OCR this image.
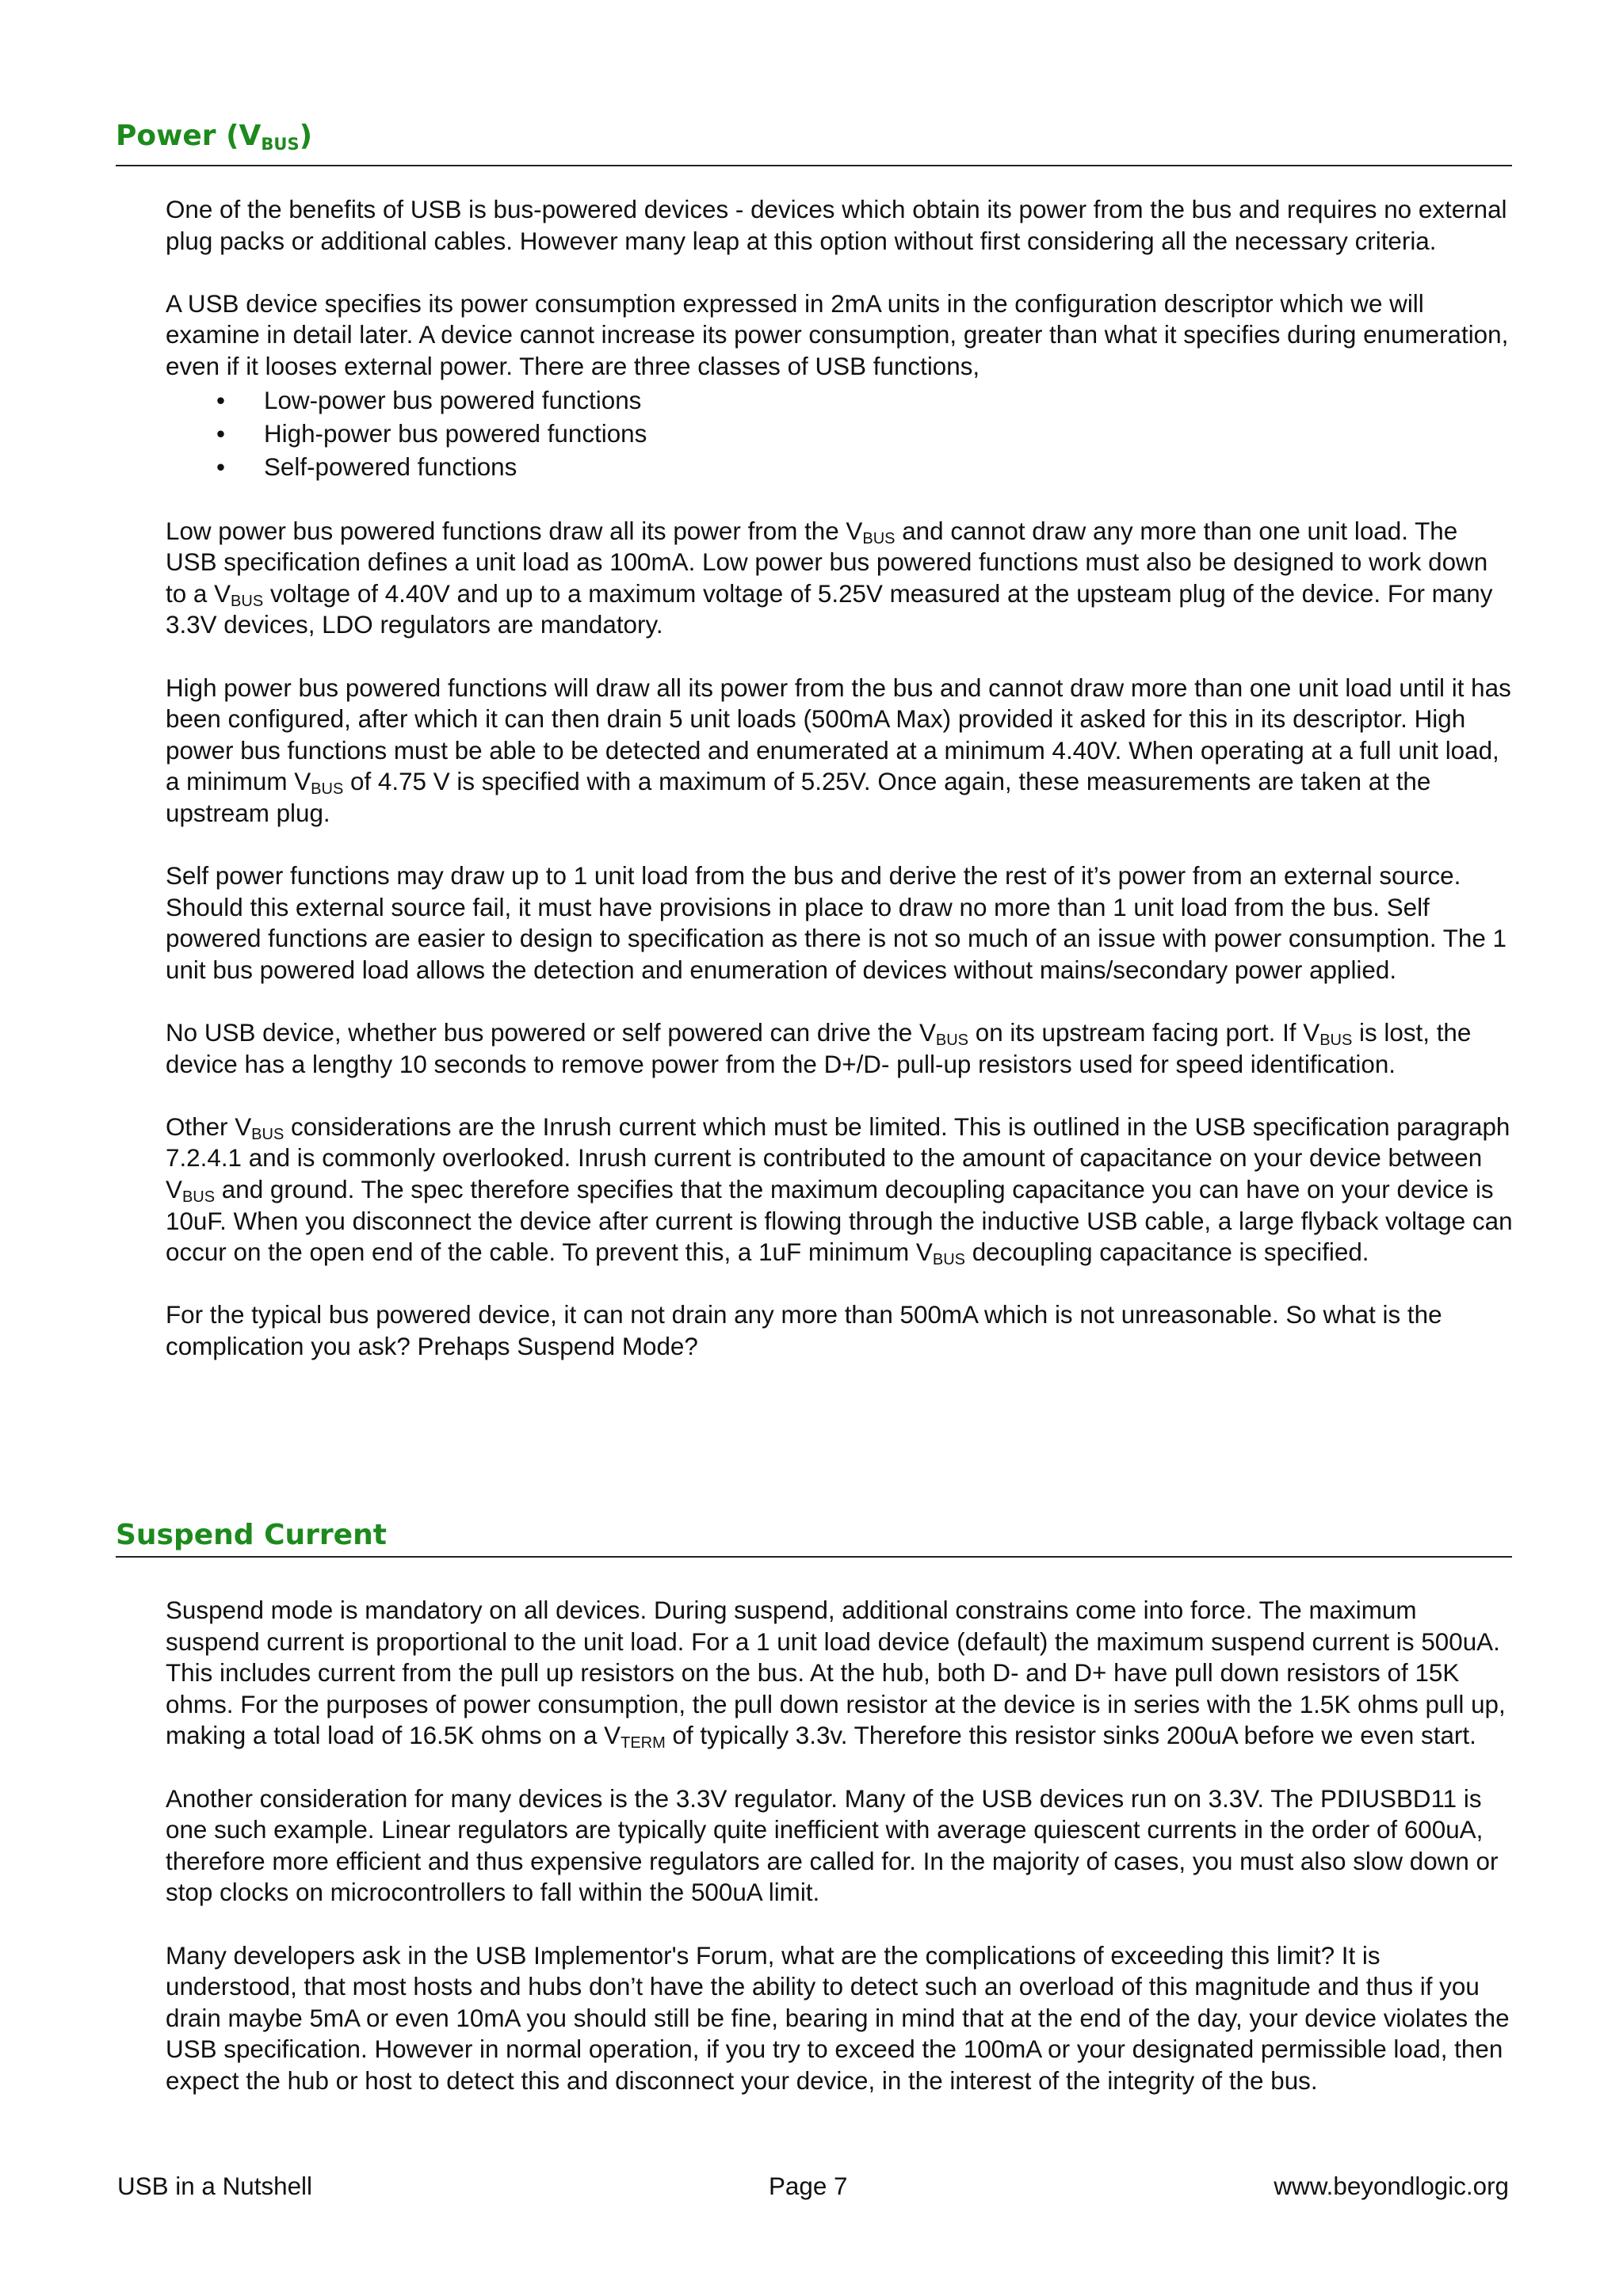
Power $(V_{BUS})$

One of the benefits of USB is bus-powered devices - devices which obtain its power from the bus and requires no external plug packs or additional cables. However many leap at this option without first considering all the necessary criteria.

A USB device specifies its power consumption expressed in 2mA units in the configuration descriptor which we will examine in detail later. A device cannot increase its power consumption, greater than what it specifies during enumeration, even if it looses external power. There are three classes of USB functions,

• Low-power bus powered functions
• High-power bus powered functions
• Self-powered functions

Low power bus powered functions draw all its power from the $V_{BUS}$ and cannot draw any more than one unit load. The USB specification defines a unit load as 100mA. Low power bus powered functions must also be designed to work down to a $V_{BUS}$ voltage of 4.40V and up to a maximum voltage of 5.25V measured at the upsteam plug of the device. For many 3.3V devices, LDO regulators are mandatory.

High power bus powered functions will draw all its power from the bus and cannot draw more than one unit load until it has been configured, after which it can then drain 5 unit loads (500mA Max) provided it asked for this in its descriptor. High power bus functions must be able to be detected and enumerated at a minimum 4.40V. When operating at a full unit load, a minimum $V_{BUS}$ of 4.75 V is specified with a maximum of 5.25V. Once again, these measurements are taken at the upstream plug.

Self power functions may draw up to 1 unit load from the bus and derive the rest of it’s power from an external source. Should this external source fail, it must have provisions in place to draw no more than 1 unit load from the bus. Self powered functions are easier to design to specification as there is not so much of an issue with power consumption. The 1 unit bus powered load allows the detection and enumeration of devices without mains/secondary power applied.

No USB device, whether bus powered or self powered can drive the $V_{BUS}$ on its upstream facing port. If $V_{BUS}$ is lost, the device has a lengthy 10 seconds to remove power from the D+/D- pull-up resistors used for speed identification.

Other $V_{BUS}$ considerations are the Inrush current which must be limited. This is outlined in the USB specification paragraph 7.2.4.1 and is commonly overlooked. Inrush current is contributed to the amount of capacitance on your device between $V_{BUS}$ and ground. The spec therefore specifies that the maximum decoupling capacitance you can have on your device is 10uF. When you disconnect the device after current is flowing through the inductive USB cable, a large flyback voltage can occur on the open end of the cable. To prevent this, a 1uF minimum $V_{BUS}$ decoupling capacitance is specified.

For the typical bus powered device, it can not drain any more than 500mA which is not unreasonable. So what is the complication you ask? Prehaps Suspend Mode?

Suspend Current

Suspend mode is mandatory on all devices. During suspend, additional constrains come into force. The maximum suspend current is proportional to the unit load. For a 1 unit load device (default) the maximum suspend current is 500uA. This includes current from the pull up resistors on the bus. At the hub, both D- and D+ have pull down resistors of 15K ohms. For the purposes of power consumption, the pull down resistor at the device is in series with the 1.5K ohms pull up, making a total load of 16.5K ohms on a $V_{TERM}$ of typically 3.3v. Therefore this resistor sinks 200uA before we even start.

Another consideration for many devices is the 3.3V regulator. Many of the USB devices run on 3.3V. The PDIUSBD11 is one such example. Linear regulators are typically quite inefficient with average quiescent currents in the order of 600uA, therefore more efficient and thus expensive regulators are called for. In the majority of cases, you must also slow down or stop clocks on microcontrollers to fall within the 500uA limit.

Many developers ask in the USB Implementor's Forum, what are the complications of exceeding this limit? It is understood, that most hosts and hubs don’t have the ability to detect such an overload of this magnitude and thus if you drain maybe 5mA or even 10mA you should still be fine, bearing in mind that at the end of the day, your device violates the USB specification. However in normal operation, if you try to exceed the 100mA or your designated permissible load, then expect the hub or host to detect this and disconnect your device, in the interest of the integrity of the bus.

USB in a Nutshell	Page 7	www.beyondlogic.org
